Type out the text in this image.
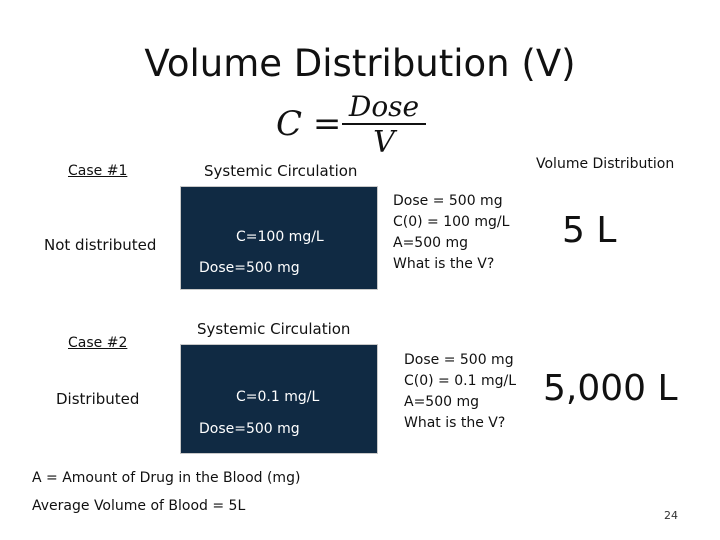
Volume Distribution (V)
C = Dose
V
Volume Distribution
Case #1	Systemic Circulation
Not distributed	C=100 mg/L
Dose=500 mg
Dose = 500 mg
C(0) = 100 mg/L
A=500 mg
What is the V?
5 L
Systemic Circulation
Case #2
Distributed	C=0.1 mg/L
Dose=500 mg
Dose = 500 mg
C(0) = 0.1 mg/L
A=500 mg
What is the V?
5,000 L
A = Amount of Drug in the Blood (mg)
Average Volume of Blood = 5L
24
